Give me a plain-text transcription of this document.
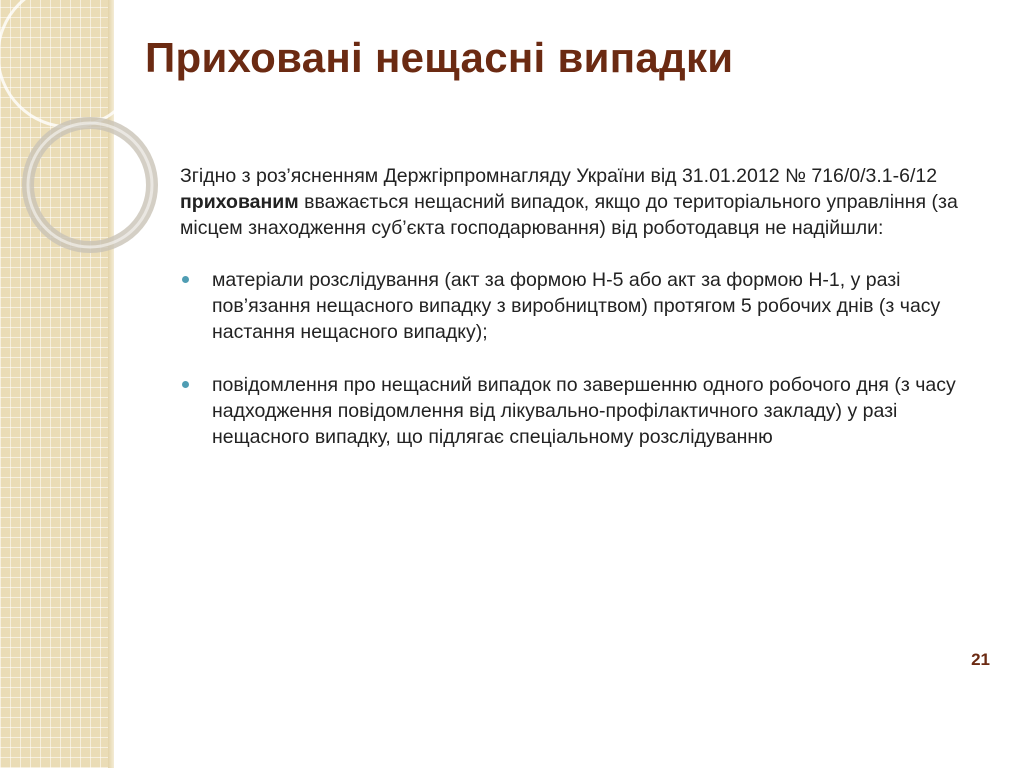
Приховані нещасні випадки

Згідно з роз’ясненням Держгірпромнагляду України від 31.01.2012 № 716/0/3.1-6/12 прихованим вважається нещасний випадок, якщо до територіального управління (за місцем знаходження суб’єкта господарювання) від роботодавця не надійшли:

матеріали розслідування (акт за формою Н-5 або акт за формою Н-1, у разі пов’язання нещасного випадку з виробництвом) протягом 5 робочих днів (з часу настання нещасного випадку);
повідомлення про нещасний випадок по завершенню одного робочого дня (з часу надходження повідомлення від лікувально-профілактичного закладу) у разі нещасного випадку, що підлягає спеціальному розслідуванню
21
